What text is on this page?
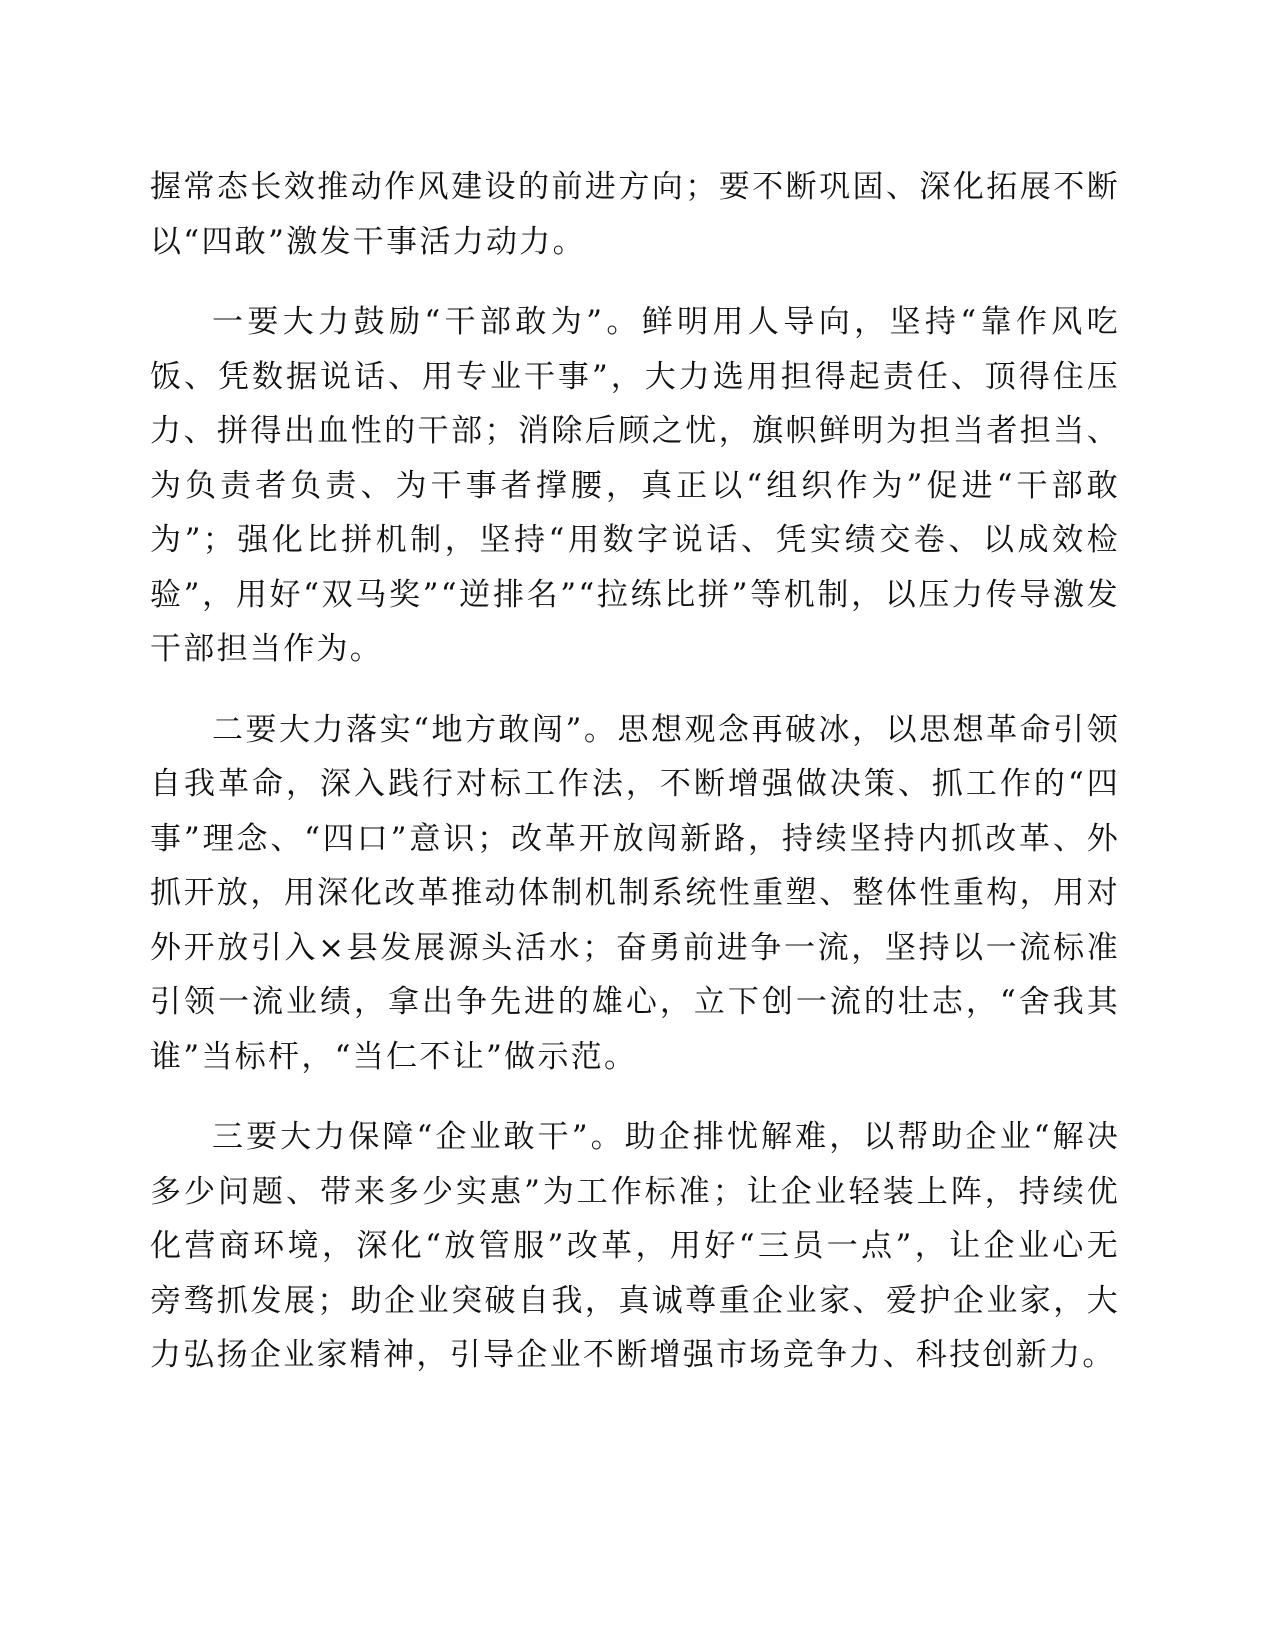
握常态长效推动作风建设的前进方向；要不断巩固、深化拓展不断以“四敢”激发干事活力动力。

一要大力鼓励“干部敢为”。鲜明用人导向，坚持“靠作风吃饭、凭数据说话、用专业干事”，大力选用担得起责任、顶得住压力、拼得出血性的干部；消除后顾之忧，旗帜鲜明为担当者担当、为负责者负责、为干事者撑腰，真正以“组织作为”促进“干部敢为”；强化比拼机制，坚持“用数字说话、凭实绩交卷、以成效检验”，用好“双马奖”“逆排名”“拉练比拼”等机制，以压力传导激发干部担当作为。

二要大力落实“地方敢闯”。思想观念再破冰，以思想革命引领自我革命，深入践行对标工作法，不断增强做决策、抓工作的“四事”理念、“四口”意识；改革开放闯新路，持续坚持内抓改革、外抓开放，用深化改革推动体制机制系统性重塑、整体性重构，用对外开放引入×县发展源头活水；奋勇前进争一流，坚持以一流标准引领一流业绩，拿出争先进的雄心，立下创一流的壮志，“舍我其谁”当标杆，“当仁不让”做示范。

三要大力保障“企业敢干”。助企排忧解难，以帮助企业“解决多少问题、带来多少实惠”为工作标准；让企业轻装上阵，持续优化营商环境，深化“放管服”改革，用好“三员一点”，让企业心无旁骛抓发展；助企业突破自我，真诚尊重企业家、爱护企业家，大力弘扬企业家精神，引导企业不断增强市场竞争力、科技创新力。
